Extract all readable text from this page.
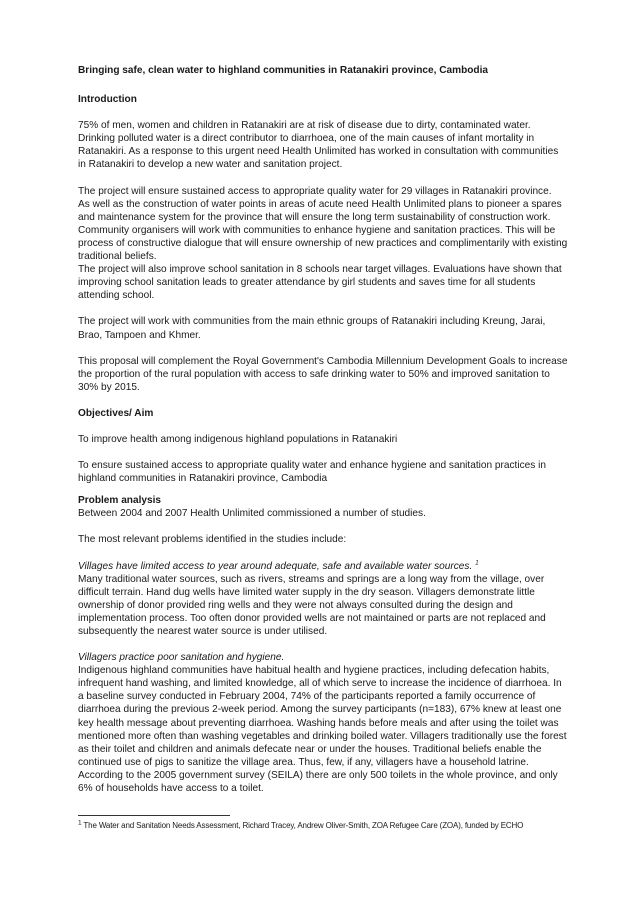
Bringing safe, clean water to highland communities in Ratanakiri province, Cambodia

Introduction

75% of men, women and children in Ratanakiri are at risk of disease due to dirty, contaminated water. Drinking polluted water is a direct contributor to diarrhoea, one of the main causes of infant mortality in Ratanakiri. As a response to this urgent need Health Unlimited has worked in consultation with communities in Ratanakiri to develop a new water and sanitation project.

The project will ensure sustained access to appropriate quality water for 29 villages in Ratanakiri province.

As well as the construction of water points in areas of acute need Health Unlimited plans to pioneer a spares and maintenance system for the province that will ensure the long term sustainability of construction work.

Community organisers will work with communities to enhance hygiene and sanitation practices. This will be process of constructive dialogue that will ensure ownership of new practices and complimentarily with existing traditional beliefs.

The project will also improve school sanitation in 8 schools near target villages. Evaluations have shown that improving school sanitation leads to greater attendance by girl students and saves time for all students attending school.

The project will work with communities from the main ethnic groups of Ratanakiri including Kreung, Jarai, Brao, Tampoen and Khmer.

This proposal will complement the Royal Government's Cambodia Millennium Development Goals to increase the proportion of the rural population with access to safe drinking water to 50% and improved sanitation to 30% by 2015.

Objectives/ Aim

To improve health among indigenous highland populations in Ratanakiri

To ensure sustained access to appropriate quality water and enhance hygiene and sanitation practices in highland communities in Ratanakiri province, Cambodia

Problem analysis

Between 2004 and 2007 Health Unlimited commissioned a number of studies.

The most relevant problems identified in the studies include:

Villages have limited access to year around adequate, safe and available water sources. $^1$

Many traditional water sources, such as rivers, streams and springs are a long way from the village, over difficult terrain. Hand dug wells have limited water supply in the dry season. Villagers demonstrate little ownership of donor provided ring wells and they were not always consulted during the design and implementation process. Too often donor provided wells are not maintained or parts are not replaced and subsequently the nearest water source is under utilised.

Villagers practice poor sanitation and hygiene.

Indigenous highland communities have habitual health and hygiene practices, including defecation habits, infrequent hand washing, and limited knowledge, all of which serve to increase the incidence of diarrhoea. In a baseline survey conducted in February 2004, 74% of the participants reported a family occurrence of diarrhoea during the previous 2-week period. Among the survey participants (n=183), 67% knew at least one key health message about preventing diarrhoea. Washing hands before meals and after using the toilet was mentioned more often than washing vegetables and drinking boiled water. Villagers traditionally use the forest as their toilet and children and animals defecate near or under the houses. Traditional beliefs enable the continued use of pigs to sanitize the village area. Thus, few, if any, villagers have a household latrine. According to the 2005 government survey (SEILA) there are only 500 toilets in the whole province, and only 6% of households have access to a toilet.

$^1$ The Water and Sanitation Needs Assessment, Richard Tracey, Andrew Oliver-Smith, ZOA Refugee Care (ZOA), funded by ECHO
